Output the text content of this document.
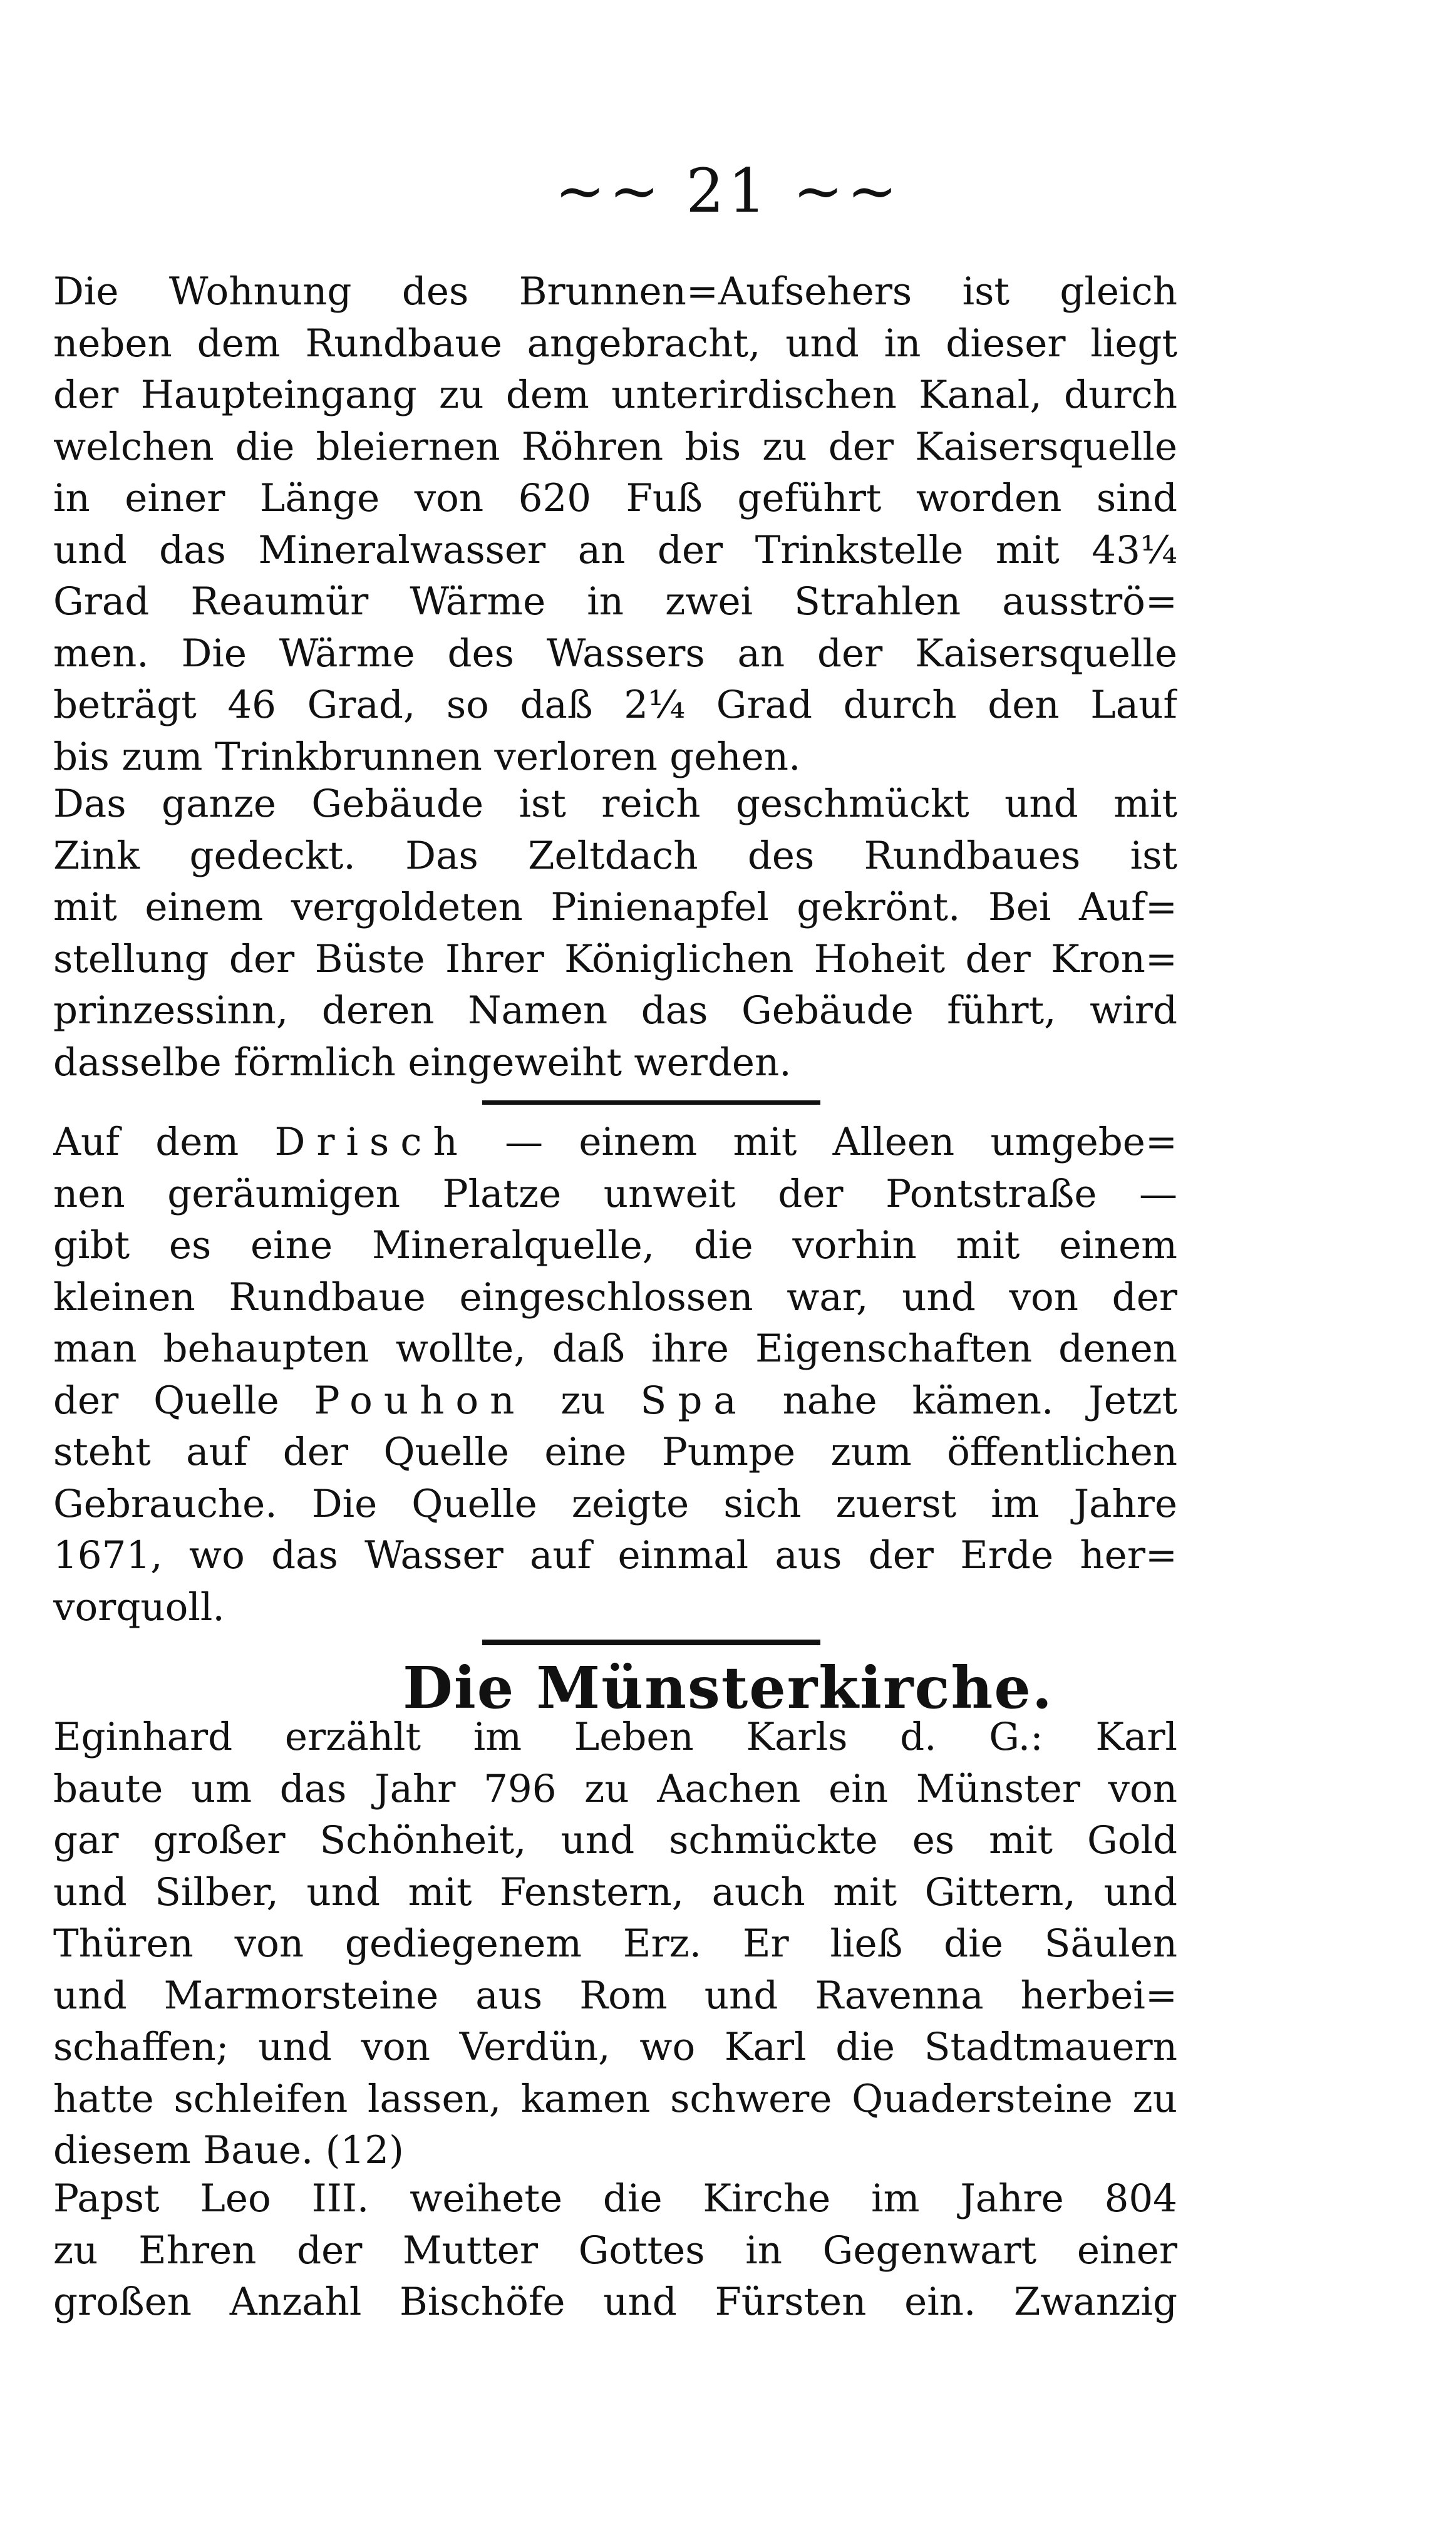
~~ 21 ~~
Die Wohnung des Brunnen=Aufsehers ist gleich
neben dem Rundbaue angebracht, und in dieser liegt
der Haupteingang zu dem unterirdischen Kanal, durch
welchen die bleiernen Röhren bis zu der Kaisersquelle
in einer Länge von 620 Fuß geführt worden sind
und das Mineralwasser an der Trinkstelle mit 43¼
Grad Reaumür Wärme in zwei Strahlen ausströ=
men. Die Wärme des Wassers an der Kaisersquelle
beträgt 46 Grad, so daß 2¼ Grad durch den Lauf
bis zum Trinkbrunnen verloren gehen.
Das ganze Gebäude ist reich geschmückt und mit
Zink gedeckt. Das Zeltdach des Rundbaues ist
mit einem vergoldeten Pinienapfel gekrönt. Bei Auf=
stellung der Büste Ihrer Königlichen Hoheit der Kron=
prinzessinn, deren Namen das Gebäude führt, wird
dasselbe förmlich eingeweiht werden.
Auf dem Drisch — einem mit Alleen umgebe=
nen geräumigen Platze unweit der Pontstraße —
gibt es eine Mineralquelle, die vorhin mit einem
kleinen Rundbaue eingeschlossen war, und von der
man behaupten wollte, daß ihre Eigenschaften denen
der Quelle Pouhon zu Spa nahe kämen. Jetzt
steht auf der Quelle eine Pumpe zum öffentlichen
Gebrauche. Die Quelle zeigte sich zuerst im Jahre
1671, wo das Wasser auf einmal aus der Erde her=
vorquoll.
Die Münsterkirche.
Eginhard erzählt im Leben Karls d. G.: Karl
baute um das Jahr 796 zu Aachen ein Münster von
gar großer Schönheit, und schmückte es mit Gold
und Silber, und mit Fenstern, auch mit Gittern, und
Thüren von gediegenem Erz. Er ließ die Säulen
und Marmorsteine aus Rom und Ravenna herbei=
schaffen; und von Verdün, wo Karl die Stadtmauern
hatte schleifen lassen, kamen schwere Quadersteine zu
diesem Baue. (12)
Papst Leo III. weihete die Kirche im Jahre 804
zu Ehren der Mutter Gottes in Gegenwart einer
großen Anzahl Bischöfe und Fürsten ein. Zwanzig
